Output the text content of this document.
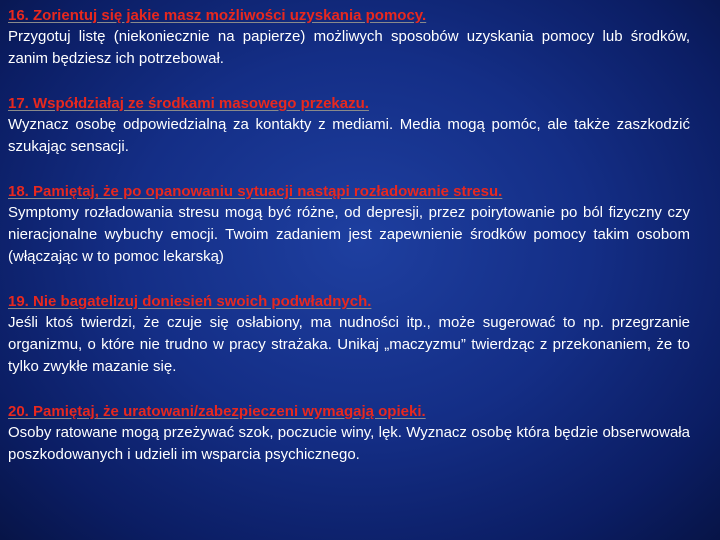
16. Zorientuj się jakie masz możliwości uzyskania pomocy.

Przygotuj listę (niekoniecznie na papierze) możliwych sposobów uzyskania pomocy lub środków, zanim będziesz ich potrzebował.

17. Współdziałaj ze środkami masowego przekazu.

Wyznacz osobę odpowiedzialną za kontakty z mediami. Media mogą pomóc, ale także zaszkodzić szukając sensacji.

18. Pamiętaj, że po opanowaniu sytuacji nastąpi rozładowanie stresu.

Symptomy rozładowania stresu mogą być różne, od depresji, przez poirytowanie po ból fizyczny czy nieracjonalne wybuchy emocji. Twoim zadaniem jest zapewnienie środków pomocy takim osobom (włączając w to pomoc lekarską)

19. Nie bagatelizuj doniesień swoich podwładnych.

Jeśli ktoś twierdzi, że czuje się osłabiony, ma nudności itp., może sugerować to np. przegrzanie organizmu, o które nie trudno w pracy strażaka. Unikaj „maczyzmu” twierdząc z przekonaniem, że to tylko zwykłe mazanie się.

20. Pamiętaj, że uratowani/zabezpieczeni wymagają opieki.

Osoby ratowane mogą przeżywać szok, poczucie winy, lęk. Wyznacz osobę która będzie obserwowała poszkodowanych i udzieli im wsparcia psychicznego.
